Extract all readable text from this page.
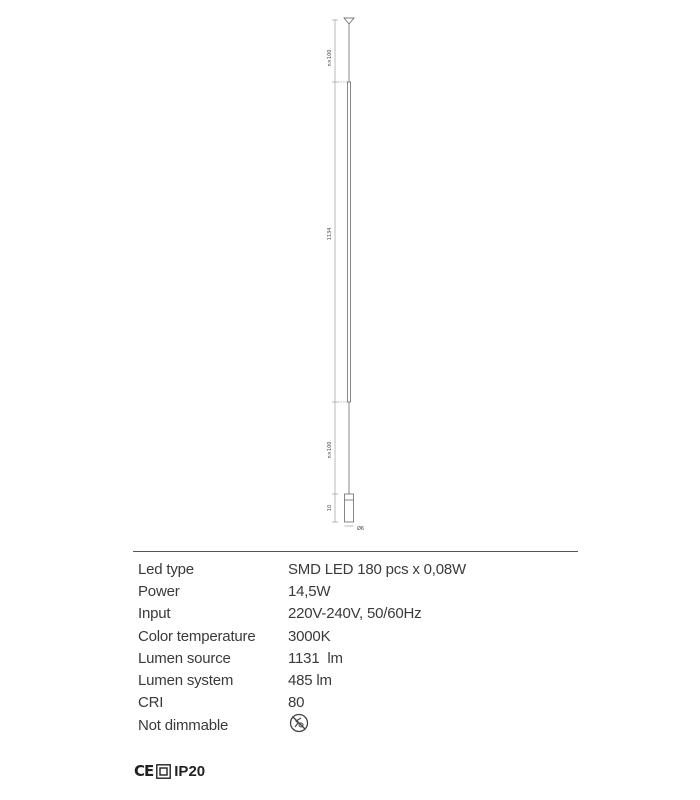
n×100
1134
n×100
10
Ø6
Led type	SMD LED 180 pcs x 0,08W
Power	14,5W
Input	220V-240V, 50/60Hz
Color temperature	3000K
Lumen source	1131  lm
Lumen system	485 lm
CRI	80
Not dimmable
CE IP20
